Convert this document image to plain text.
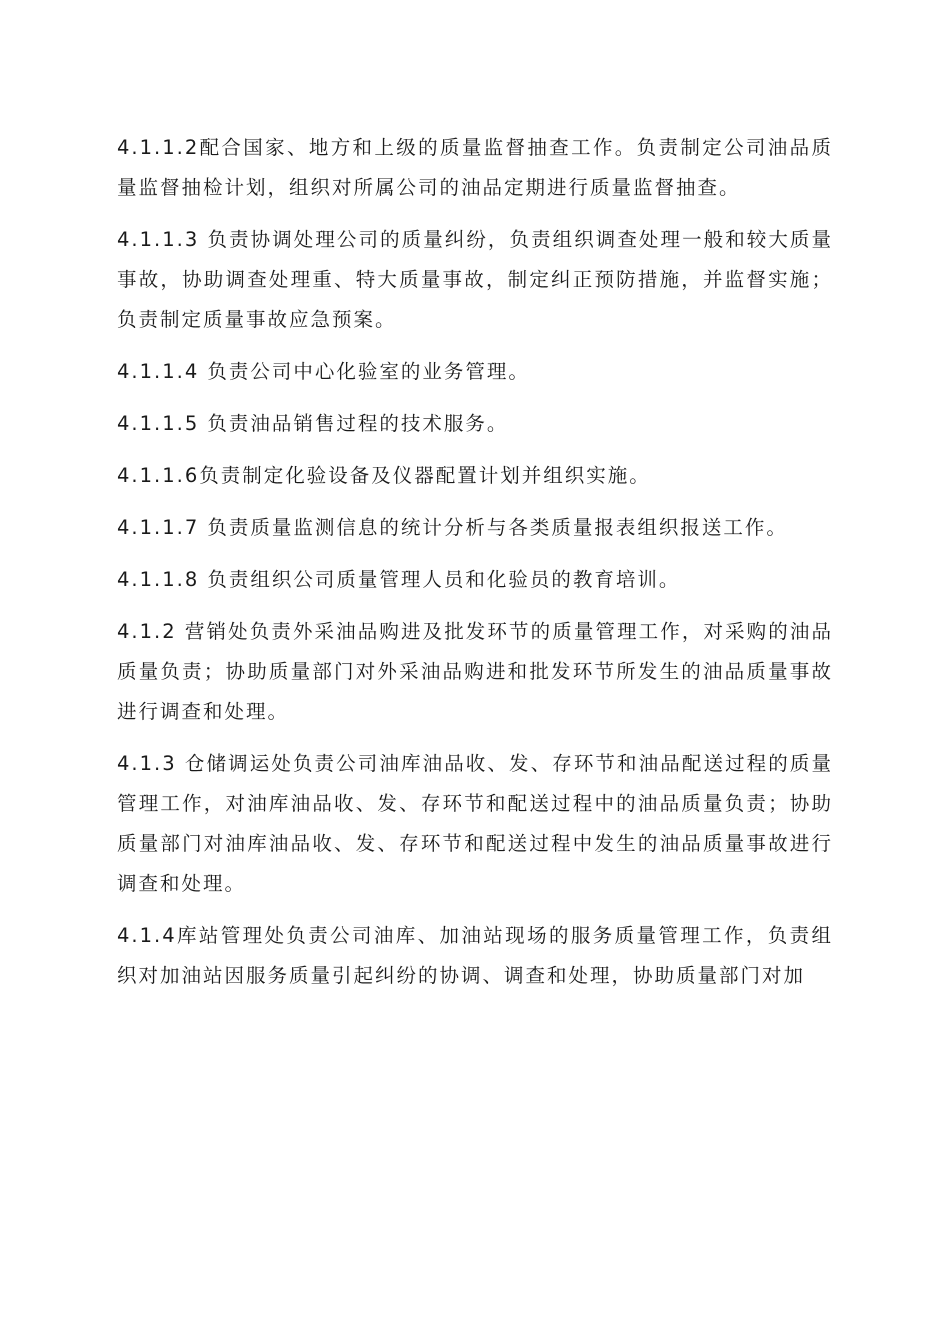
4.1.1.2配合国家、地方和上级的质量监督抽查工作。负责制定公司油品质量监督抽检计划，组织对所属公司的油品定期进行质量监督抽查。

4.1.1.3 负责协调处理公司的质量纠纷，负责组织调查处理一般和较大质量事故，协助调查处理重、特大质量事故，制定纠正预防措施，并监督实施；负责制定质量事故应急预案。

4.1.1.4 负责公司中心化验室的业务管理。

4.1.1.5 负责油品销售过程的技术服务。

4.1.1.6负责制定化验设备及仪器配置计划并组织实施。

4.1.1.7 负责质量监测信息的统计分析与各类质量报表组织报送工作。

4.1.1.8 负责组织公司质量管理人员和化验员的教育培训。

4.1.2 营销处负责外采油品购进及批发环节的质量管理工作，对采购的油品质量负责；协助质量部门对外采油品购进和批发环节所发生的油品质量事故进行调查和处理。

4.1.3 仓储调运处负责公司油库油品收、发、存环节和油品配送过程的质量管理工作，对油库油品收、发、存环节和配送过程中的油品质量负责；协助质量部门对油库油品收、发、存环节和配送过程中发生的油品质量事故进行调查和处理。

4.1.4库站管理处负责公司油库、加油站现场的服务质量管理工作，负责组织对加油站因服务质量引起纠纷的协调、调查和处理，协助质量部门对加
